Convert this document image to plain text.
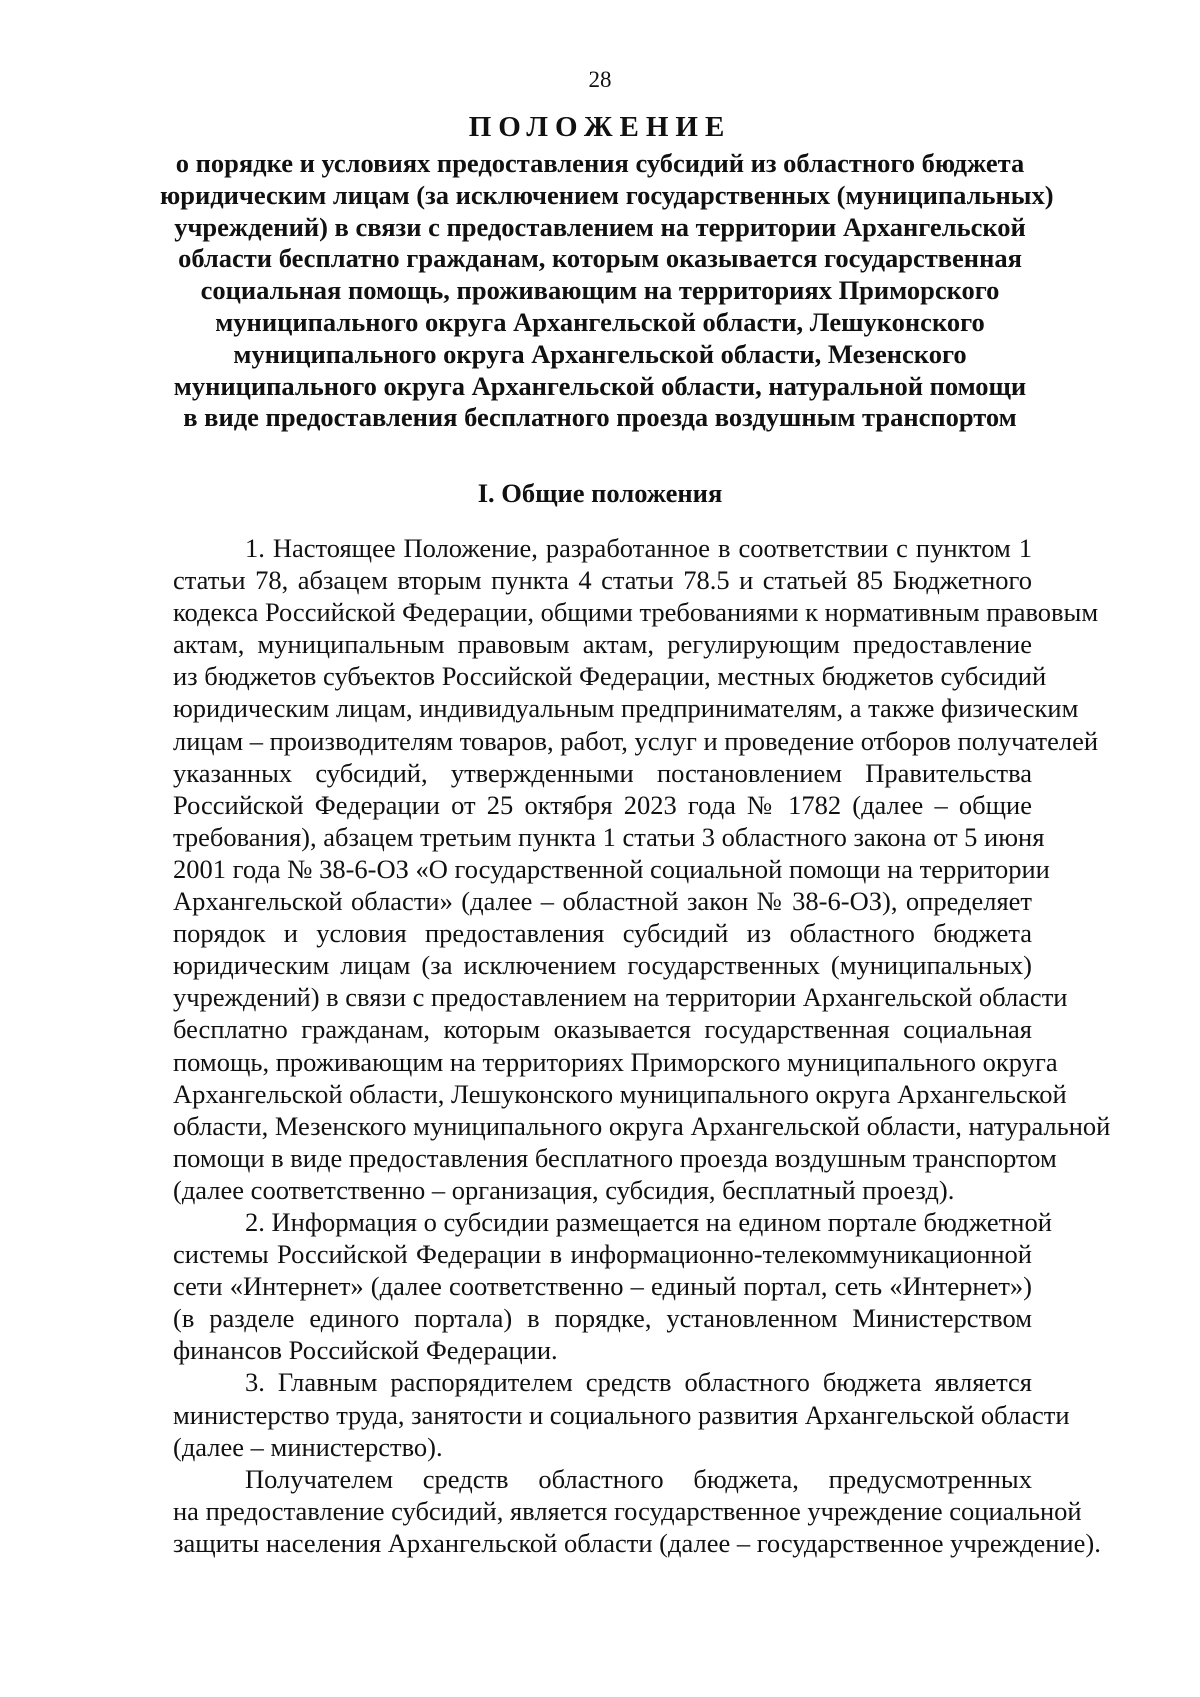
28
ПОЛОЖЕНИЕ
о порядке и условиях предоставления субсидий из областного бюджета
юридическим лицам (за исключением государственных (муниципальных)
учреждений) в связи с предоставлением на территории Архангельской
области бесплатно гражданам, которым оказывается государственная
социальная помощь, проживающим на территориях Приморского
муниципального округа Архангельской области, Лешуконского
муниципального округа Архангельской области, Мезенского
муниципального округа Архангельской области, натуральной помощи
в виде предоставления бесплатного проезда воздушным транспортом
I. Общие положения

1. Настоящее Положение, разработанное в соответствии с пунктом 1
статьи 78, абзацем вторым пункта 4 статьи 78.5 и статьей 85 Бюджетного
кодекса Российской Федерации, общими требованиями к нормативным правовым
актам, муниципальным правовым актам, регулирующим предоставление
из бюджетов субъектов Российской Федерации, местных бюджетов субсидий
юридическим лицам, индивидуальным предпринимателям, а также физическим
лицам – производителям товаров, работ, услуг и проведение отборов получателей
указанных субсидий, утвержденными постановлением Правительства
Российской Федерации от 25 октября 2023 года № 1782 (далее – общие
требования), абзацем третьим пункта 1 статьи 3 областного закона от 5 июня
2001 года № 38-6-ОЗ «О государственной социальной помощи на территории
Архангельской области» (далее – областной закон № 38-6-ОЗ), определяет
порядок и условия предоставления субсидий из областного бюджета
юридическим лицам (за исключением государственных (муниципальных)
учреждений) в связи с предоставлением на территории Архангельской области
бесплатно гражданам, которым оказывается государственная социальная
помощь, проживающим на территориях Приморского муниципального округа
Архангельской области, Лешуконского муниципального округа Архангельской
области, Мезенского муниципального округа Архангельской области, натуральной
помощи в виде предоставления бесплатного проезда воздушным транспортом
(далее соответственно – организация, субсидия, бесплатный проезд).

2. Информация о субсидии размещается на едином портале бюджетной
системы Российской Федерации в информационно-телекоммуникационной
сети «Интернет» (далее соответственно – единый портал, сеть «Интернет»)
(в разделе единого портала) в порядке, установленном Министерством
финансов Российской Федерации.

3. Главным распорядителем средств областного бюджета является
министерство труда, занятости и социального развития Архангельской области
(далее – министерство).

Получателем средств областного бюджета, предусмотренных
на предоставление субсидий, является государственное учреждение социальной
защиты населения Архангельской области (далее – государственное учреждение).
